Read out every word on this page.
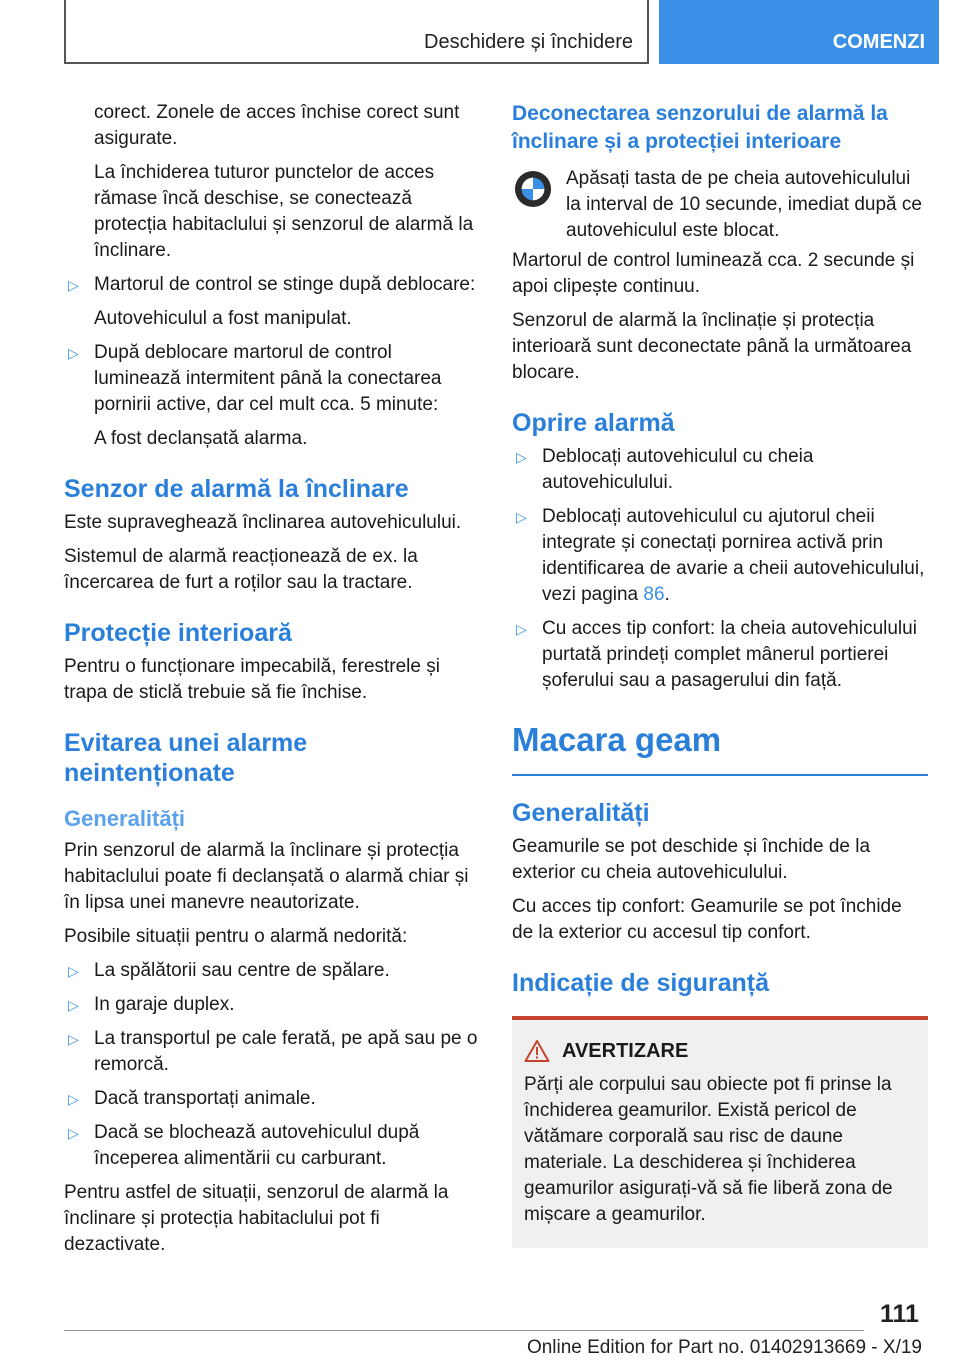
Deschidere și închidere	COMENZI

corect. Zonele de acces închise corect sunt asigurate.

La închiderea tuturor punctelor de acces rămase încă deschise, se conectează protecția habitaclului și senzorul de alarmă la înclinare.

▷ Martorul de control se stinge după deblocare:

Autovehiculul a fost manipulat.

▷ După deblocare martorul de control luminează intermitent până la conectarea pornirii active, dar cel mult cca. 5 minute:

A fost declanșată alarma.

Senzor de alarmă la înclinare

Este supraveghează înclinarea autovehiculului.

Sistemul de alarmă reacționează de ex. la încercarea de furt a roților sau la tractare.

Protecție interioară

Pentru o funcționare impecabilă, ferestrele și trapa de sticlă trebuie să fie închise.

Evitarea unei alarme neintenționate
Generalități

Prin senzorul de alarmă la înclinare și protecția habitaclului poate fi declanșată o alarmă chiar și în lipsa unei manevre neautorizate.

Posibile situații pentru o alarmă nedorită:

▷ La spălătorii sau centre de spălare.
▷ In garaje duplex.
▷ La transportul pe cale ferată, pe apă sau pe o remorcă.
▷ Dacă transportați animale.
▷ Dacă se blochează autovehiculul după începerea alimentării cu carburant.

Pentru astfel de situații, senzorul de alarmă la înclinare și protecția habitaclului pot fi dezactivate.

Deconectarea senzorului de alarmă la înclinare și a protecției interioare

Apăsați tasta de pe cheia autovehiculului la interval de 10 secunde, imediat după ce autovehiculul este blocat.

Martorul de control luminează cca. 2 secunde și apoi clipește continuu.

Senzorul de alarmă la înclinație și protecția interioară sunt deconectate până la următoarea blocare.

Oprire alarmă
▷ Deblocați autovehiculul cu cheia autovehiculului.
▷ Deblocați autovehiculul cu ajutorul cheii integrate și conectați pornirea activă prin identificarea de avarie a cheii autovehiculului, vezi pagina 86.
▷ Cu acces tip confort: la cheia autovehiculului purtată prindeți complet mânerul portierei șoferului sau a pasagerului din față.
Macara geam
Generalități

Geamurile se pot deschide și închide de la exterior cu cheia autovehiculului.

Cu acces tip confort: Geamurile se pot închide de la exterior cu accesul tip confort.

Indicație de siguranță
AVERTIZARE

Părți ale corpului sau obiecte pot fi prinse la închiderea geamurilor. Există pericol de vătămare corporală sau risc de daune materiale. La deschiderea și închiderea geamurilor asigurați-vă să fie liberă zona de mișcare a geamurilor.

111
Online Edition for Part no. 01402913669 - X/19
